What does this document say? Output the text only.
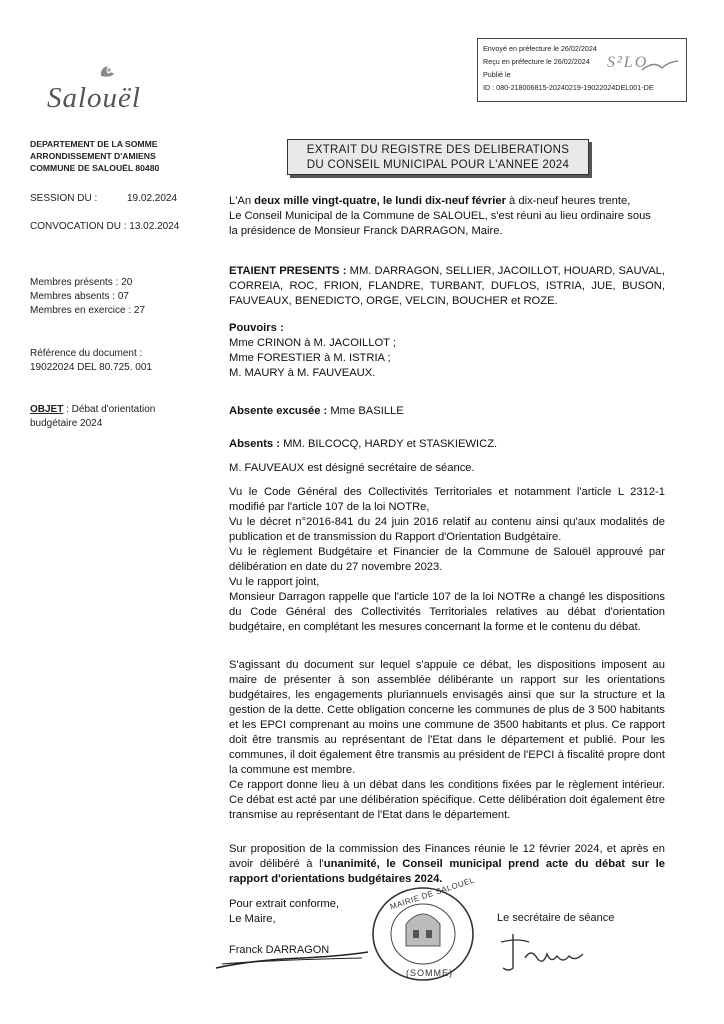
Envoyé en préfecture le 26/02/2024
Reçu en préfecture le 26/02/2024
Publié le
ID : 080-218006815-20240219-19022024DEL001-DE
S²LO
Salouël
DEPARTEMENT DE LA SOMME
ARRONDISSEMENT D'AMIENS
COMMUNE DE SALOUËL 80480
EXTRAIT DU REGISTRE DES DELIBERATIONS
DU CONSEIL MUNICIPAL POUR L'ANNEE 2024
SESSION DU :	19.02.2024
CONVOCATION DU : 13.02.2024
Membres présents : 20
Membres absents : 07
Membres en exercice : 27
Référence du document :
19022024 DEL 80.725. 001
OBJET : Débat d'orientation
budgétaire 2024

L'An deux mille vingt-quatre, le lundi dix-neuf février à dix-neuf heures trente,

Le Conseil Municipal de la Commune de SALOUEL, s'est réuni au lieu ordinaire sous

la présidence de Monsieur Franck DARRAGON, Maire.

ETAIENT PRESENTS : MM. DARRAGON, SELLIER, JACOILLOT, HOUARD, SAUVAL, CORREIA, ROC, FRION, FLANDRE, TURBANT, DUFLOS, ISTRIA, JUE, BUSON, FAUVEAUX, BENEDICTO, ORGE, VELCIN, BOUCHER et ROZE.

Pouvoirs :

Mme CRINON à M. JACOILLOT ;

Mme FORESTIER à M. ISTRIA ;

M. MAURY à M. FAUVEAUX.

Absente excusée : Mme BASILLE

Absents : MM. BILCOCQ, HARDY et STASKIEWICZ.

M. FAUVEAUX est désigné secrétaire de séance.

Vu le Code Général des Collectivités Territoriales et notamment l'article L 2312-1 modifié par l'article 107 de la loi NOTRe,

Vu le décret n°2016-841 du 24 juin 2016 relatif au contenu ainsi qu'aux modalités de publication et de transmission du Rapport d'Orientation Budgétaire.

Vu le règlement Budgétaire et Financier de la Commune de Salouël approuvé par délibération en date du 27 novembre 2023.

Vu le rapport joint,

Monsieur Darragon rappelle que l'article 107 de la loi NOTRe a changé les dispositions du Code Général des Collectivités Territoriales relatives au débat d'orientation budgétaire, en complétant les mesures concernant la forme et le contenu du débat.

S'agissant du document sur lequel s'appuie ce débat, les dispositions imposent au maire de présenter à son assemblée délibérante un rapport sur les orientations budgétaires, les engagements pluriannuels envisagés ainsi que sur la structure et la gestion de la dette. Cette obligation concerne les communes de plus de 3 500 habitants et les EPCI comprenant au moins une commune de 3500 habitants et plus. Ce rapport doit être transmis au représentant de l'Etat dans le département et publié. Pour les communes, il doit également être transmis au président de l'EPCI à fiscalité propre dont la commune est membre.

Ce rapport donne lieu à un débat dans les conditions fixées par le règlement intérieur. Ce débat est acté par une délibération spécifique. Cette délibération doit également être transmise au représentant de l'Etat dans le département.

Sur proposition de la commission des Finances réunie le 12 février 2024, et après en avoir délibéré à l'unanimité, le Conseil municipal prend acte du débat sur le rapport d'orientations budgétaires 2024.

Pour extrait conforme,

Le Maire,

Franck DARRAGON
MAIRIE DE SALOUEL
(SOMME)
Le secrétaire de séance
